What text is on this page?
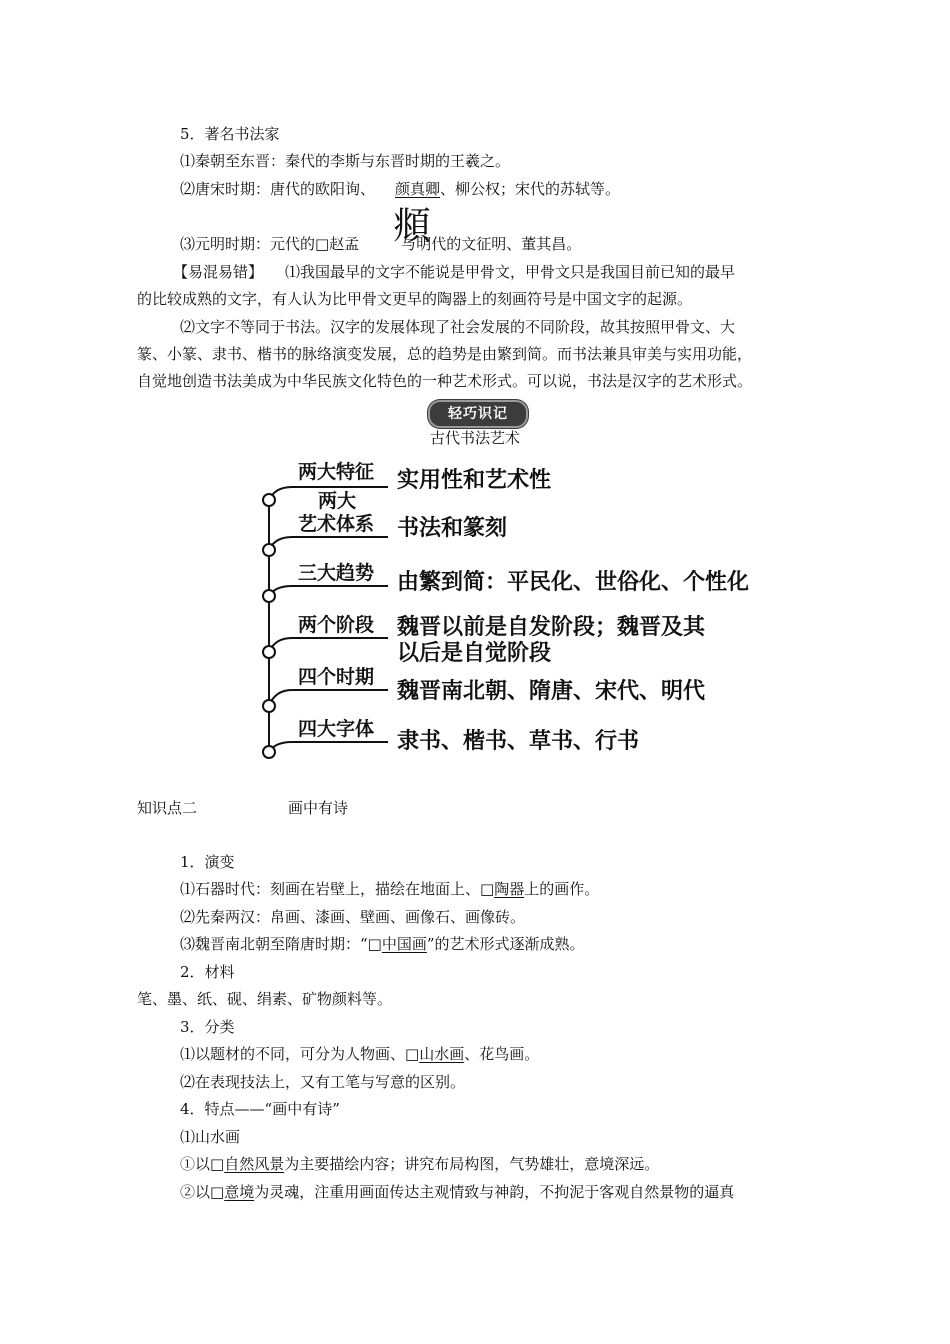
5．著名书法家
⑴秦朝至东晋：秦代的李斯与东晋时期的王羲之。
⑵唐宋时期：唐代的欧阳询、 颜真卿、柳公权；宋代的苏轼等。
⑶元明时期：元代的□赵孟	与明代的文征明、董其昌。
頫
【易混易错】 ⑴我国最早的文字不能说是甲骨文，甲骨文只是我国目前已知的最早
的比较成熟的文字，有人认为比甲骨文更早的陶器上的刻画符号是中国文字的起源。
⑵文字不等同于书法。汉字的发展体现了社会发展的不同阶段，故其按照甲骨文、大
篆、小篆、隶书、楷书的脉络演变发展，总的趋势是由繁到简。而书法兼具审美与实用功能，
自觉地创造书法美成为中华民族文化特色的一种艺术形式。可以说，书法是汉字的艺术形式。
轻巧识记
古代书法艺术
两大特征 实用性和艺术性
两大
艺术体系 书法和篆刻
三大趋势 由繁到简：平民化、世俗化、个性化
两个阶段 魏晋以前是自发阶段；魏晋及其
以后是自觉阶段
四个时期
魏晋南北朝、隋唐、宋代、明代
四大字体 隶书、楷书、草书、行书
知识点二	画中有诗
1．演变
⑴石器时代：刻画在岩壁上，描绘在地面上、□陶器上的画作。
⑵先秦两汉：帛画、漆画、壁画、画像石、画像砖。
⑶魏晋南北朝至隋唐时期：“□中国画”的艺术形式逐渐成熟。
2．材料
笔、墨、纸、砚、绢素、矿物颜料等。
3．分类
⑴以题材的不同，可分为人物画、□山水画、花鸟画。
⑵在表现技法上，又有工笔与写意的区别。
4．特点——“画中有诗”
⑴山水画
①以□自然风景为主要描绘内容；讲究布局构图，气势雄壮，意境深远。
②以□意境为灵魂，注重用画面传达主观情致与神韵，不拘泥于客观自然景物的逼真
